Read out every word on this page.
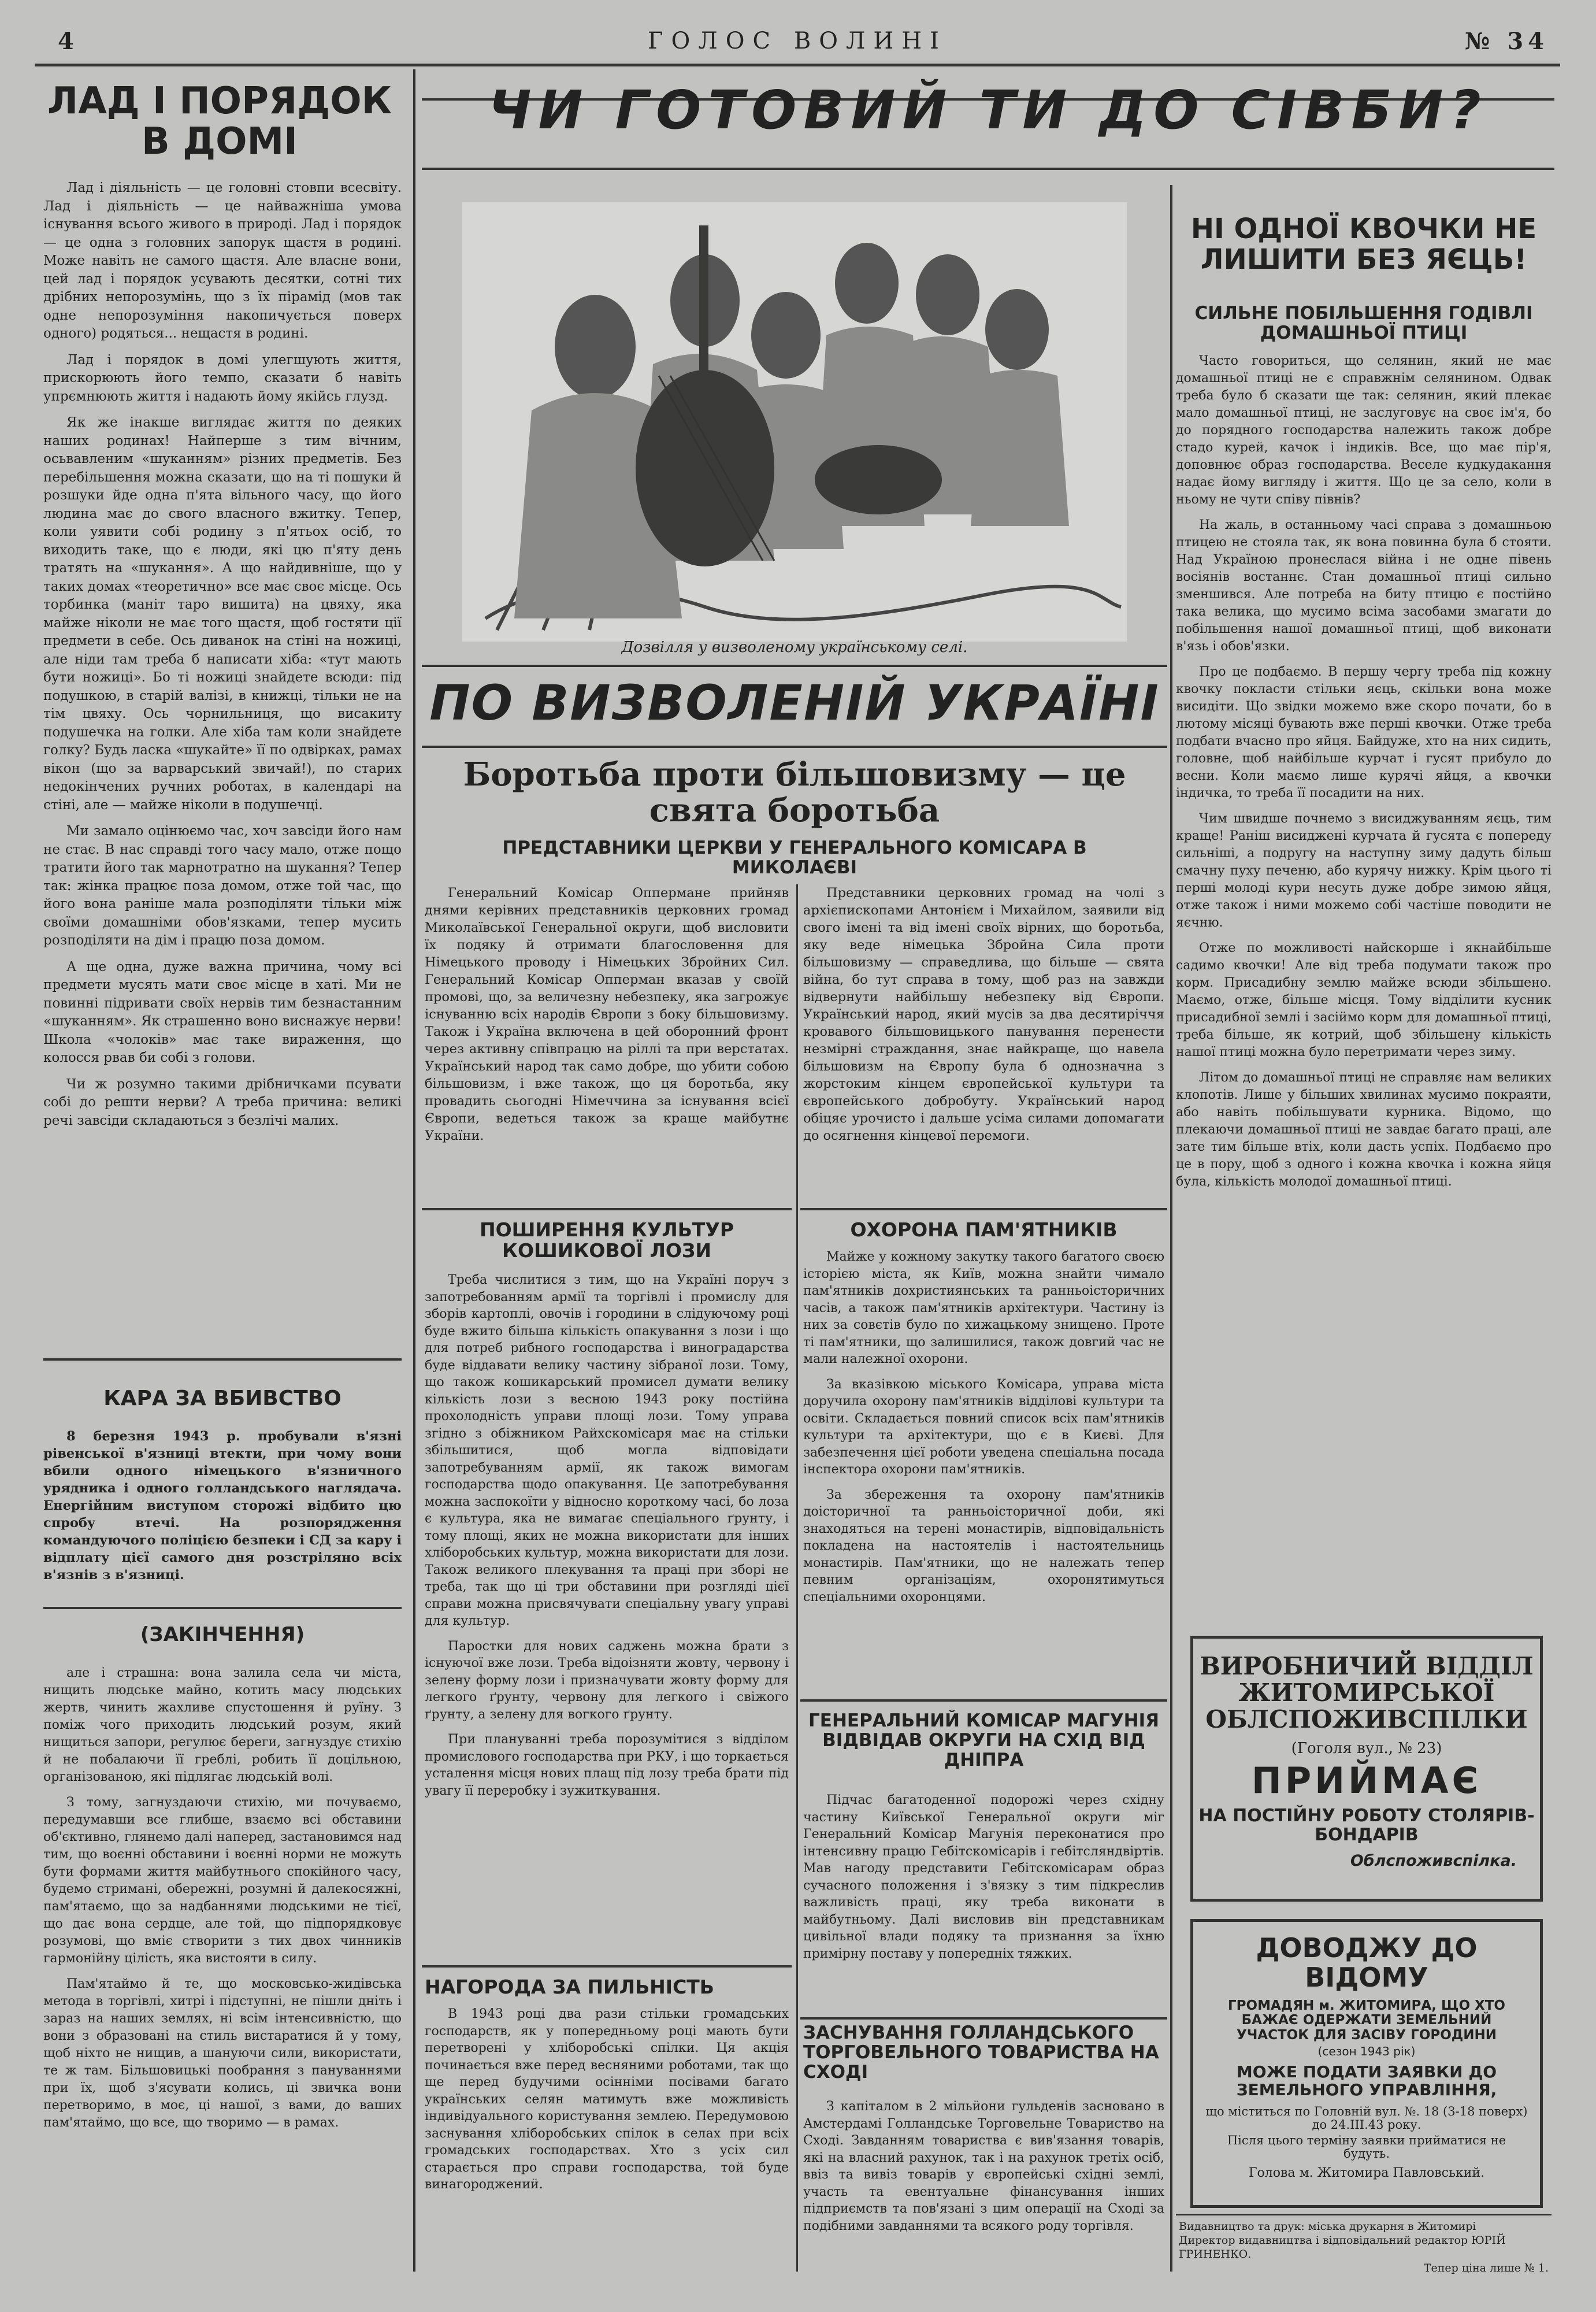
4	ГОЛОС ВОЛИНІ	№ 34
ЛАД І ПОРЯДОК В ДОМІ

Лад і діяльність — це головні стовпи всесвіту. Лад і діяльність — це найважніша умова існування всього живого в природі. Лад і порядок — це одна з головних запорук щастя в родині. Може навіть не самого щастя. Але власне вони, цей лад і порядок усувають десятки, сотні тих дрібних непорозумінь, що з їх пірамід (мов так одне непорозуміння накопичується поверх одного) родяться... нещастя в родині.

Лад і порядок в домі улегшують життя, прискорюють його темпо, сказати б навіть упрємнюють життя і надають йому якійсь глузд.

Як же інакше виглядає життя по деяких наших родинах! Найперше з тим вічним, осьвавленим «шуканням» різних предметів. Без перебільшення можна сказати, що на ті пошуки й розшуки йде одна п'ята вільного часу, що його людина має до свого власного вжитку. Тепер, коли уявити собі родину з п'ятьох осіб, то виходить таке, що є люди, які цю п'яту день тратять на «шукання». А що найдивніше, що у таких домах «теоретично» все має своє місце. Ось торбинка (маніт таро вишита) на цвяху, яка майже ніколи не має того щастя, щоб гостяти ції предмети в себе. Ось диванок на стіні на ножиці, але ніди там треба б написати хіба: «тут мають бути ножиці». Бо ті ножиці знайдете всюди: під подушкою, в старій валізі, в книжці, тільки не на тім цвяху. Ось чорнильниця, що висакиту подушечка на голки. Але хіба там коли знайдете голку? Будь ласка «шукайте» її по одвірках, рамах вікон (що за варварський звичай!), по старих недокінчених ручних роботах, в календарі на стіні, але — майже ніколи в подушечці.

Ми замало оцінюємо час, хоч завсіди його нам не стає. В нас справді того часу мало, отже пощо тратити його так марнотратно на шукання? Тепер так: жінка працює поза домом, отже той час, що його вона раніше мала розподіляти тільки між своїми домашніми обов'язками, тепер мусить розподіляти на дім і працю поза домом.

А ще одна, дуже важна причина, чому всі предмети мусять мати своє місце в хаті. Ми не повинні підривати своїх нервів тим безнастанним «шуканням». Як страшенно воно виснажує нерви! Школа «чолоків» має таке вираження, що колосся рвав би собі з голови.

Чи ж розумно такими дрібничками псувати собі до решти нерви? А треба причина: великі речі завсіди складаються з безлічі малих.

КАРА ЗА ВБИВСТВО

8 березня 1943 р. пробували в'язні рівенської в'язниці втекти, при чому вони вбили одного німецького в'язничного урядника і одного голландського наглядача. Енергійним виступом сторожі відбито цю спробу втечі. На розпорядження командуючого поліцією безпеки і СД за кару і відплату цієї самого дня розстріляно всіх в'язнів з в'язниці.

(ЗАКІНЧЕННЯ)

але і страшна: вона залила села чи міста, нищить людське майно, котить масу людських жертв, чинить жахливе спустошення й руїну. З поміж чого приходить людський розум, який нищиться запори, регулює береги, загнуздує стихію й не побалаючи її греблі, робить її доцільною, організованою, які підлягає людській волі.

З тому, загнуздаючи стихію, ми почуваємо, передумавши все глибше, взаємо всі обставини об'єктивно, глянемо далі наперед, застановимся над тим, що воєнні обставини і воєнні норми не можуть бути формами життя майбутнього спокійного часу, будемо стримані, обережні, розумні й далекосяжні, пам'ятаємо, що за надбаннями людськими не тієї, що дає вона сердце, але той, що підпорядковує розумові, що вміє створити з тих двох чинників гармонійну цілість, яка вистояти в силу.

Пам'ятаймо й те, що московсько-жидівська метода в торгівлі, хитрі і підступні, не пішли дніть і зараз на наших землях, ні всім інтенсивністю, що вони з образовані на стиль вистаратися й у тому, щоб ніхто не нищив, а шануючи сили, використати, те ж там. Більшовицькі пообрання з пануваннями при їх, щоб з'ясувати колись, ці звичка вони перетворимо, в моє, ці нашої, з вами, до ваших пам'ятаймо, що все, що творимо — в рамах.

ЧИ ГОТОВИЙ ТИ ДО СІВБИ?
Дозвілля у визволеному українському селі.
ПО ВИЗВОЛЕНІЙ УКРАЇНІ
Боротьба проти більшовизму — це свята боротьба
ПРЕДСТАВНИКИ ЦЕРКВИ У ГЕНЕРАЛЬНОГО КОМІСАРА В МИКОЛАЄВІ

Генеральний Комісар Оппермане прийняв днями керівних представників церковних громад Миколаївської Генеральної округи, щоб висловити їх подяку й отримати благословення для Німецького проводу і Німецьких Збройних Сил. Генеральний Комісар Опперман вказав у своїй промові, що, за величезну небезпеку, яка загрожує існуванню всіх народів Європи з боку більшовизму. Також і Україна включена в цей оборонний фронт через активну співпрацю на ріллі та при верстатах. Український народ так само добре, що убити собою більшовизм, і вже також, що ця боротьба, яку провадить сьогодні Німеччина за існування всієї Європи, ведеться також за краще майбутнє України.

Представники церковних громад на чолі з архієпископами Антонієм і Михайлом, заявили від свого імені та від імені своїх вірних, що боротьба, яку веде німецька Збройна Сила проти більшовизму — справедлива, що більше — свята війна, бо тут справа в тому, щоб раз на завжди відвернути найбільшу небезпеку від Європи. Український народ, який мусів за два десятиріччя кровавого більшовицького панування перенести незмірні страждання, знає найкраще, що навела більшовизм на Європу була б однозначна з жорстоким кінцем європейської культури та європейського добробуту. Український народ обіцяє урочисто і дальше усіма силами допомагати до осягнення кінцевої перемоги.

ПОШИРЕННЯ КУЛЬТУР КОШИКОВОЇ ЛОЗИ

Треба числитися з тим, що на Україні поруч з запотребованням армії та торгівлі і промислу для зборів картоплі, овочів і городини в слідуючому році буде вжито більша кількість опакування з лози і що для потреб рибного господарства і виноградарства буде віддавати велику частину зібраної лози. Тому, що також кошикарський промисел думати велику кількість лози з весною 1943 року постійна прохолодність управи площі лози. Тому управа згідно з обіжником Райхскомісаря має на стільки збільшитися, щоб могла відповідати запотребуванням армії, як також вимогам господарства щодо опакування. Це запотребування можна заспокоїти у відносно короткому часі, бо лоза є культура, яка не вимагає спеціального ґрунту, і тому площі, яких не можна використати для інших хліборобських культур, можна використати для лози. Також великого плекування та праці при зборі не треба, так що ці три обставини при розгляді цієї справи можна присвячувати спеціальну увагу управі для культур.

Паростки для нових саджень можна брати з існуючої вже лози. Треба відоізняти жовту, червону і зелену форму лози і призначувати жовту форму для легкого ґрунту, червону для легкого і свіжого ґрунту, а зелену для вогкого ґрунту.

При плануванні треба порозумітися з відділом промислового господарства при РКУ, і що торкається усталення місця нових плащ під лозу треба брати під увагу її переробку і зужиткування.

НАГОРОДА ЗА ПИЛЬНІСТЬ

В 1943 році два рази стільки громадських господарств, як у попередньому році мають бути перетворені у хліборобські спілки. Ця акція починається вже перед весняними роботами, так що ще перед будучими осінніми посівами багато українських селян матимуть вже можливість індивідуального користування землею. Передумовою заснування хліборобських спілок в селах при всіх громадських господарствах. Хто з усіх сил старається про справи господарства, той буде винагороджений.

ОХОРОНА ПАМ'ЯТНИКІВ

Майже у кожному закутку такого багатого своєю історією міста, як Київ, можна знайти чимало пам'ятників дохристиянських та ранньоісторичних часів, а також пам'ятників архітектури. Частину із них за совєтів було по хижацькому знищено. Проте ті пам'ятники, що залишилися, також довгий час не мали належної охорони.

За вказівкою міського Комісара, управа міста доручила охорону пам'ятників відділові культури та освіти. Складається повний список всіх пам'ятників культури та архітектури, що є в Києві. Для забезпечення цієї роботи уведена спеціальна посада інспектора охорони пам'ятників.

За збереження та охорону пам'ятників доісторичної та ранньоісторичної доби, які знаходяться на терені монастирів, відповідальність покладена на настоятелів і настоятельниць монастирів. Пам'ятники, що не належать тепер певним організаціям, охоронятимуться спеціальними охоронцями.

ГЕНЕРАЛЬНИЙ КОМІСАР МАГУНІЯ ВІДВІДАВ ОКРУГИ НА СХІД ВІД ДНІПРА

Підчас багатоденної подорожі через східну частину Київської Генеральної округи міг Генеральний Комісар Магунія переконатися про інтенсивну працю Гебітскомісарів і гебітсляндвіртів. Мав нагоду представити Гебітскомісарам образ сучасного положення і з'вязку з тим підкреслив важливість праці, яку треба виконати в майбутньому. Далі висловив він представникам цивільної влади подяку та признання за їхню примірну поставу у попередніх тяжких.

ЗАСНУВАННЯ ГОЛЛАНДСЬКОГО ТОРГОВЕЛЬНОГО ТОВАРИСТВА НА СХОДІ

З капіталом в 2 мільйони гульденів засновано в Амстердамі Голландське Торговельне Товариство на Сході. Завданням товариства є вив'язання товарів, які на власний рахунок, так і на рахунок третіх осіб, ввіз та вивіз товарів у європейські східні землі, участь та евентуальне фінансування інших підприємств та пов'язані з цим операції на Сході за подібними завданнями та всякого роду торгівля.

НІ ОДНОЇ КВОЧКИ НЕ ЛИШИТИ БЕЗ ЯЄЦЬ!
СИЛЬНЕ ПОБІЛЬШЕННЯ ГОДІВЛІ ДОМАШНЬОЇ ПТИЦІ

Часто говориться, що селянин, який не має домашньої птиці не є справжнім селянином. Одвак треба було б сказати ще так: селянин, який плекає мало домашньої птиці, не заслуговує на своє ім'я, бо до порядного господарства належить також добре стадо курей, качок і індиків. Все, що має пір'я, доповнює образ господарства. Веселе кудкудакання надає йому вигляду і життя. Що це за село, коли в ньому не чути співу півнів?

На жаль, в останньому часі справа з домашньою птицею не стояла так, як вона повинна була б стояти. Над Україною пронеслася війна і не одне півень восіянів востаннє. Стан домашньої птиці сильно зменшився. Але потреба на биту птицю є постійно така велика, що мусимо всіма засобами змагати до побільшення нашої домашньої птиці, щоб виконати в'язь і обов'язки.

Про це подбаємо. В першу чергу треба під кожну квочку покласти стільки яєць, скільки вона може висидіти. Що звідки можемо вже скоро почати, бо в лютому місяці бувають вже перші квочки. Отже треба подбати вчасно про яйця. Байдуже, хто на них сидить, головне, щоб найбільше курчат і гусят прибуло до весни. Коли маємо лише курячі яйця, а квочки індичка, то треба її посадити на них.

Чим швидше почнемо з висиджуванням яєць, тим краще! Раніш висиджені курчата й гусята є попереду сильніші, а подругу на наступну зиму дадуть більш смачну пуху печеню, або курячу нижку. Крім цього ті перші молоді кури несуть дуже добре зимою яйця, отже також і ними можемо собі частіше поводити не яєчню.

Отже по можливості найскорше і якнайбільше садимо квочки! Але від треба подумати також про корм. Присадибну землю майже всюди збільшено. Маємо, отже, більше місця. Тому відділити кусник присадибної землі і засіймо корм для домашньої птиці, треба більше, як котрий, щоб збільшену кількість нашої птиці можна було перетримати через зиму.

Літом до домашньої птиці не справляє нам великих клопотів. Лише у більших хвилинах мусимо покраяти, або навіть побільшувати курника. Відомо, що плекаючи домашньої птиці не завдає багато праці, але зате тим більше втіх, коли дасть успіх. Подбаємо про це в пору, щоб з одного і кожна квочка і кожна яйця була, кількість молодої домашньої птиці.

ВИРОБНИЧИЙ ВІДДІЛ ЖИТОМИРСЬКОЇ ОБЛСПОЖИВСПІЛКИ
(Гоголя вул., № 23)
ПРИЙМАЄ
НА ПОСТІЙНУ РОБОТУ СТОЛЯРІВ-БОНДАРІВ
Облспоживспілка.
ДОВОДЖУ ДО ВІДОМУ
ГРОМАДЯН м. ЖИТОМИРА, ЩО ХТО БАЖАЄ ОДЕРЖАТИ ЗЕМЕЛЬНИЙ УЧАСТОК ДЛЯ ЗАСІВУ ГОРОДИНИ
(сезон 1943 рік)
МОЖЕ ПОДАТИ ЗАЯВКИ ДО ЗЕМЕЛЬНОГО УПРАВЛІННЯ,
що міститься по Головній вул. №. 18 (3-18 поверх) до 24.III.43 року.
Після цього терміну заявки прийматися не будуть.
Голова м. Житомира Павловський.
Видавництво та друк: міська друкарня в Житомирі
Директор видавництва і відповідальний редактор ЮРІЙ ГРИНЕНКО.
Тепер ціна лише № 1.
